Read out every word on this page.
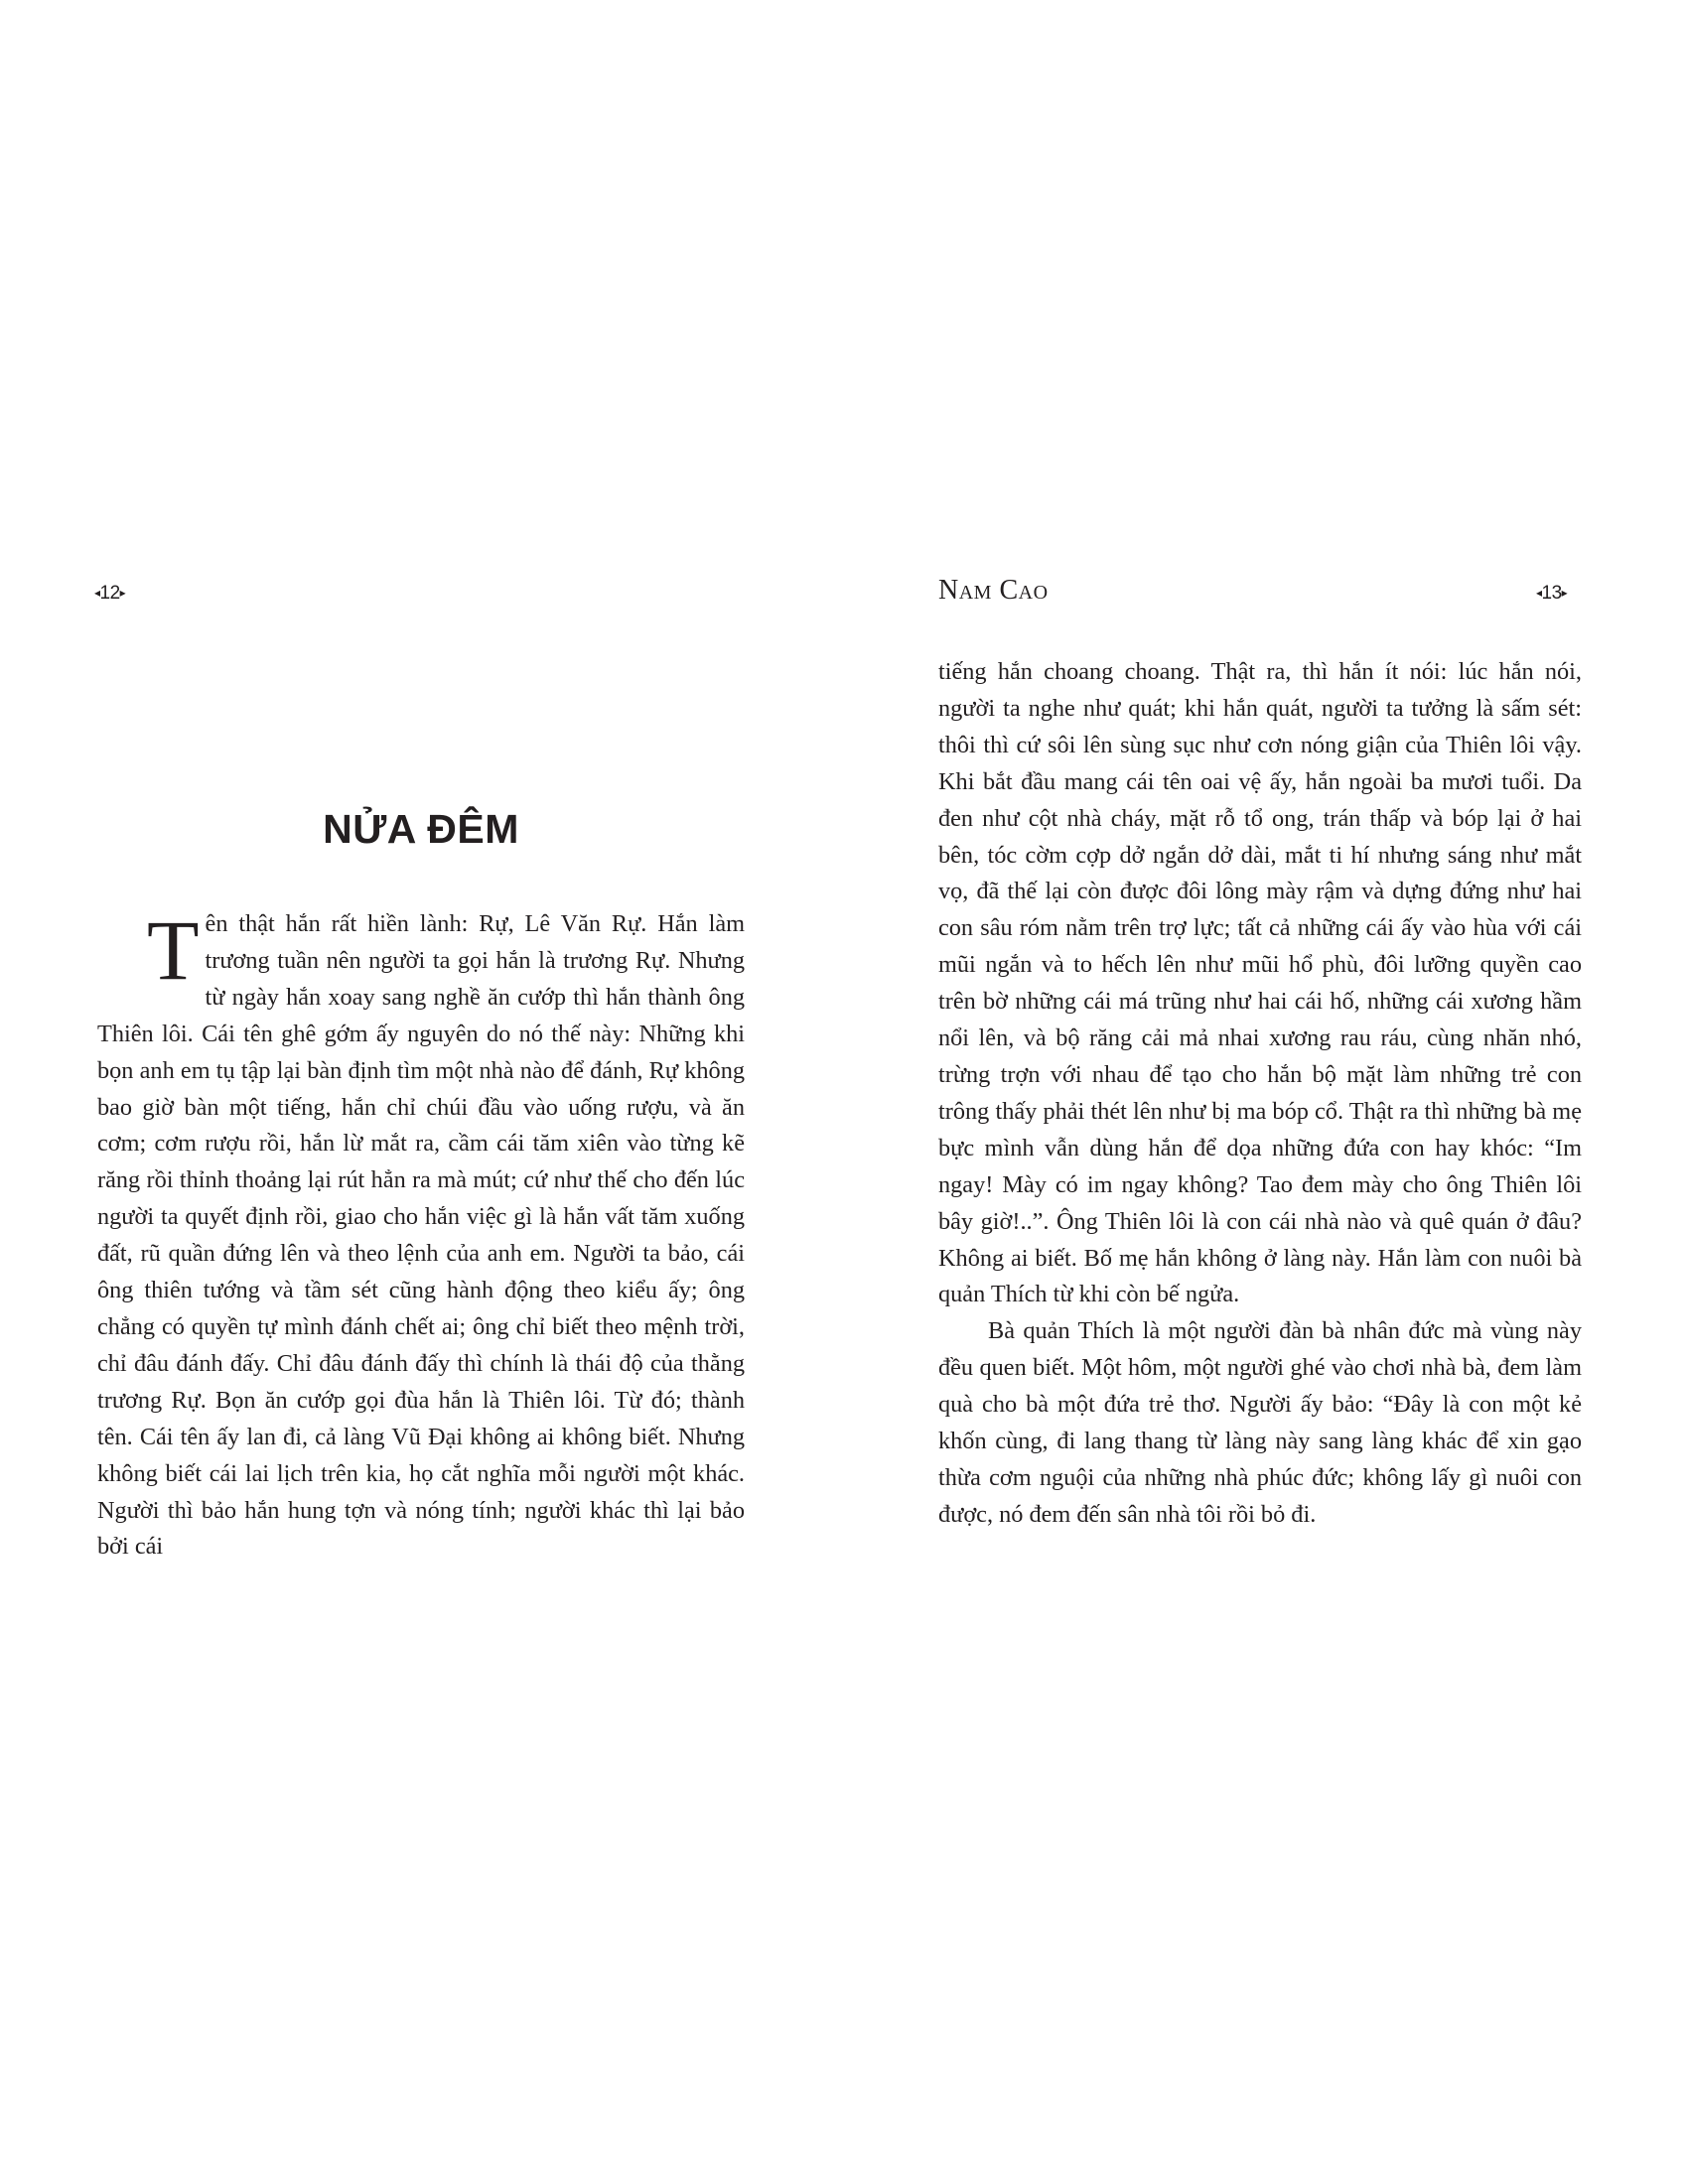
◂12▸
NỬA ĐÊM

Tên thật hắn rất hiền lành: Rự, Lê Văn Rự. Hắn làm trương tuần nên người ta gọi hắn là trương Rự. Nhưng từ ngày hắn xoay sang nghề ăn cướp thì hắn thành ông Thiên lôi. Cái tên ghê gớm ấy nguyên do nó thế này: Những khi bọn anh em tụ tập lại bàn định tìm một nhà nào để đánh, Rự không bao giờ bàn một tiếng, hắn chỉ chúi đầu vào uống rượu, và ăn cơm; cơm rượu rồi, hắn lừ mắt ra, cầm cái tăm xiên vào từng kẽ răng rồi thỉnh thoảng lại rút hẳn ra mà mút; cứ như thế cho đến lúc người ta quyết định rồi, giao cho hắn việc gì là hắn vất tăm xuống đất, rũ quần đứng lên và theo lệnh của anh em. Người ta bảo, cái ông thiên tướng và tầm sét cũng hành động theo kiểu ấy; ông chẳng có quyền tự mình đánh chết ai; ông chỉ biết theo mệnh trời, chỉ đâu đánh đấy. Chỉ đâu đánh đấy thì chính là thái độ của thằng trương Rự. Bọn ăn cướp gọi đùa hắn là Thiên lôi. Từ đó; thành tên. Cái tên ấy lan đi, cả làng Vũ Đại không ai không biết. Nhưng không biết cái lai lịch trên kia, họ cắt nghĩa mỗi người một khác. Người thì bảo hắn hung tợn và nóng tính; người khác thì lại bảo bởi cái

Nam Cao	◂13▸

tiếng hắn choang choang. Thật ra, thì hắn ít nói: lúc hắn nói, người ta nghe như quát; khi hắn quát, người ta tưởng là sấm sét: thôi thì cứ sôi lên sùng sục như cơn nóng giận của Thiên lôi vậy. Khi bắt đầu mang cái tên oai vệ ấy, hắn ngoài ba mươi tuổi. Da đen như cột nhà cháy, mặt rỗ tổ ong, trán thấp và bóp lại ở hai bên, tóc cờm cợp dở ngắn dở dài, mắt ti hí nhưng sáng như mắt vọ, đã thế lại còn được đôi lông mày rậm và dựng đứng như hai con sâu róm nằm trên trợ lực; tất cả những cái ấy vào hùa với cái mũi ngắn và to hếch lên như mũi hổ phù, đôi lưỡng quyền cao trên bờ những cái má trũng như hai cái hố, những cái xương hầm nổi lên, và bộ răng cải mả nhai xương rau ráu, cùng nhăn nhó, trừng trợn với nhau để tạo cho hắn bộ mặt làm những trẻ con trông thấy phải thét lên như bị ma bóp cổ. Thật ra thì những bà mẹ bực mình vẫn dùng hắn để dọa những đứa con hay khóc: “Im ngay! Mày có im ngay không? Tao đem mày cho ông Thiên lôi bây giờ!..”. Ông Thiên lôi là con cái nhà nào và quê quán ở đâu? Không ai biết. Bố mẹ hắn không ở làng này. Hắn làm con nuôi bà quản Thích từ khi còn bế ngửa.

Bà quản Thích là một người đàn bà nhân đức mà vùng này đều quen biết. Một hôm, một người ghé vào chơi nhà bà, đem làm quà cho bà một đứa trẻ thơ. Người ấy bảo: “Đây là con một kẻ khốn cùng, đi lang thang từ làng này sang làng khác để xin gạo thừa cơm nguội của những nhà phúc đức; không lấy gì nuôi con được, nó đem đến sân nhà tôi rồi bỏ đi.
